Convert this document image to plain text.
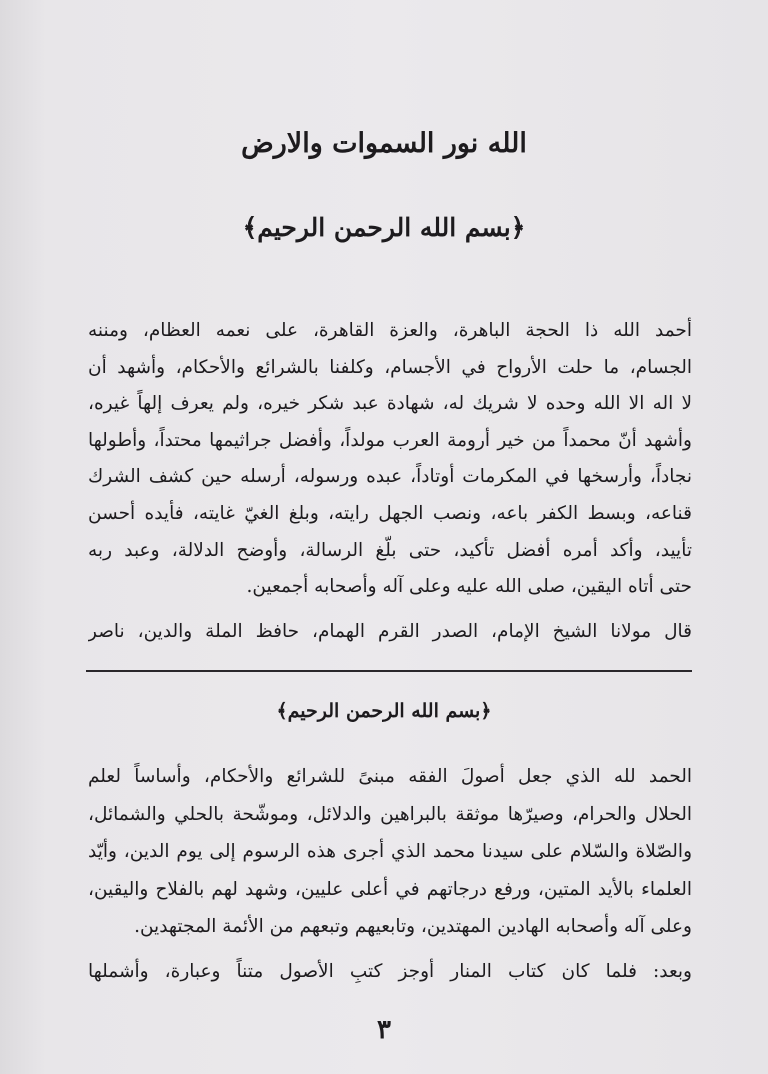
الله نور السموات والارض
﴿بسم الله الرحمن الرحيم﴾
أحمد الله ذا الحجة الباهرة، والعزة القاهرة، على نعمه العظام، ومننه
الجسام، ما حلت الأرواح في الأجسام، وكلفنا بالشرائع والأحكام، وأشهد أن
لا اله الا الله وحده لا شريك له، شهادة عبد شكر خيره، ولم يعرف إلهاً غيره،
وأشهد أنّ محمداً من خير أرومة العرب مولداً، وأفضل جراثيمها محتداً، وأطولها
نجاداً، وأرسخها في المكرمات أوتاداً، عبده ورسوله، أرسله حين كشف الشرك
قناعه، وبسط الكفر باعه، ونصب الجهل رايته، وبلغ الغيّ غايته، فأيده أحسن
تأييد، وأكد أمره أفضل تأكيد، حتى بلّغ الرسالة، وأوضح الدلالة، وعبد ربه
حتى أتاه اليقين، صلى الله عليه وعلى آله وأصحابه أجمعين.
قال مولانا الشيخ الإمام، الصدر القرم الهمام، حافظ الملة والدين، ناصر
﴿بسم الله الرحمن الرحيم﴾
الحمد لله الذي جعل أصولَ الفقه مبنىً للشرائع والأحكام، وأساساً لعلم
الحلال والحرام، وصيرّها موثقة بالبراهين والدلائل، وموشّحة بالحلي والشمائل،
والصّلاة والسّلام على سيدنا محمد الذي أجرى هذه الرسوم إلى يوم الدين، وأيّد
العلماء بالأيد المتين، ورفع درجاتهم في أعلى عليين، وشهد لهم بالفلاح واليقين،
وعلى آله وأصحابه الهادين المهتدين، وتابعيهم وتبعهم من الأئمة المجتهدين.
وبعد: فلما كان كتاب المنار أوجز كتبِ الأصول متناً وعبارة، وأشملها
٣
